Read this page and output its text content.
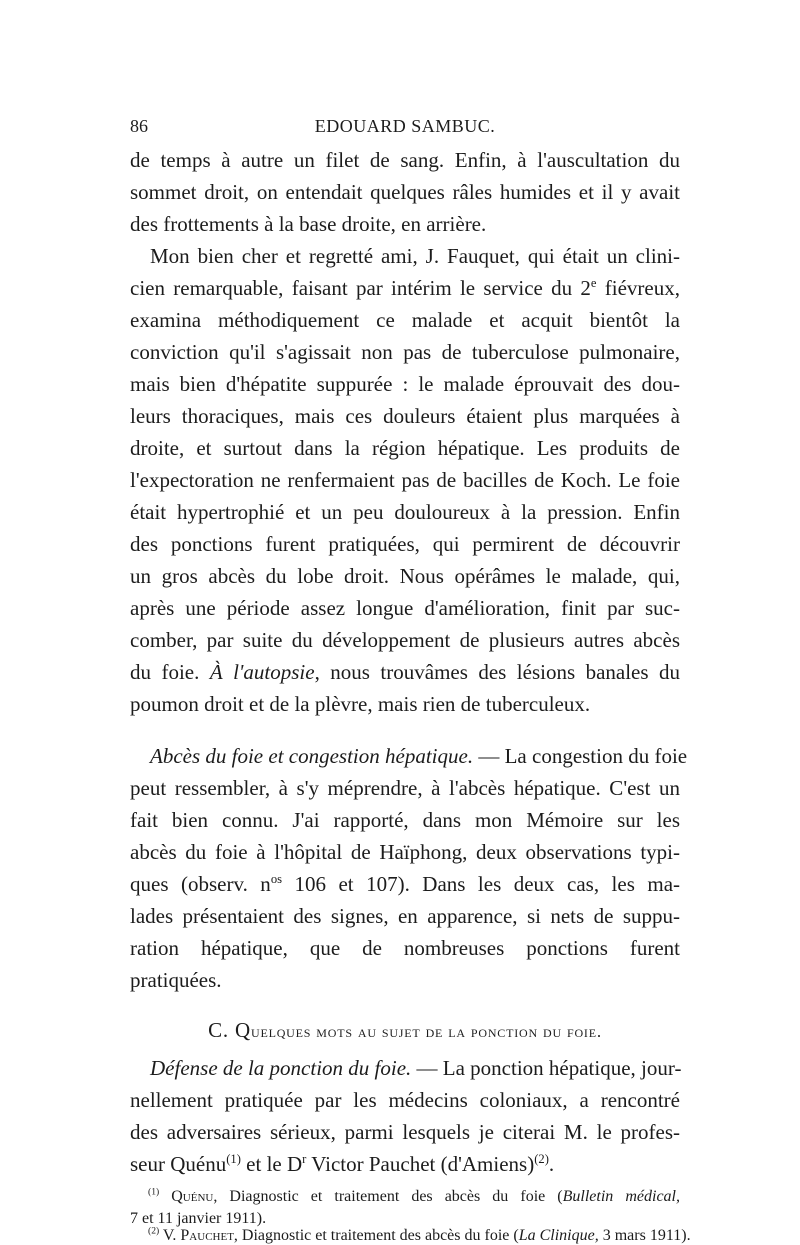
86	EDOUARD SAMBUC.
de temps à autre un filet de sang. Enfin, à l'auscultation du
sommet droit, on entendait quelques râles humides et il y avait
des frottements à la base droite, en arrière.
Mon bien cher et regretté ami, J. Fauquet, qui était un clini-
cien remarquable, faisant par intérim le service du 2e fiévreux,
examina méthodiquement ce malade et acquit bientôt la
conviction qu'il s'agissait non pas de tuberculose pulmonaire,
mais bien d'hépatite suppurée : le malade éprouvait des dou-
leurs thoraciques, mais ces douleurs étaient plus marquées à
droite, et surtout dans la région hépatique. Les produits de
l'expectoration ne renfermaient pas de bacilles de Koch. Le foie
était hypertrophié et un peu douloureux à la pression. Enfin
des ponctions furent pratiquées, qui permirent de découvrir
un gros abcès du lobe droit. Nous opérâmes le malade, qui,
après une période assez longue d'amélioration, finit par suc-
comber, par suite du développement de plusieurs autres abcès
du foie. À l'autopsie, nous trouvâmes des lésions banales du
poumon droit et de la plèvre, mais rien de tuberculeux.
Abcès du foie et congestion hépatique. — La congestion du foie
peut ressembler, à s'y méprendre, à l'abcès hépatique. C'est un
fait bien connu. J'ai rapporté, dans mon Mémoire sur les
abcès du foie à l'hôpital de Haïphong, deux observations typi-
ques (observ. $n^{os}$ 106 et 107). Dans les deux cas, les ma-
lades présentaient des signes, en apparence, si nets de suppu-
ration hépatique, que de nombreuses ponctions furent
pratiquées.
C. Quelques mots au sujet de la ponction du foie.
Défense de la ponction du foie. — La ponction hépatique, jour-
nellement pratiquée par les médecins coloniaux, a rencontré
des adversaires sérieux, parmi lesquels je citerai M. le profes-
seur Quénu$^{(1)}$ et le $D^r$ Victor Pauchet (d'Amiens)$^{(2)}$.
$^{(1)}$ Quénu, Diagnostic et traitement des abcès du foie (Bulletin médical,
7 et 11 janvier 1911).
$^{(2)}$ V. Pauchet, Diagnostic et traitement des abcès du foie (La Clinique, 3 mars 1911).
